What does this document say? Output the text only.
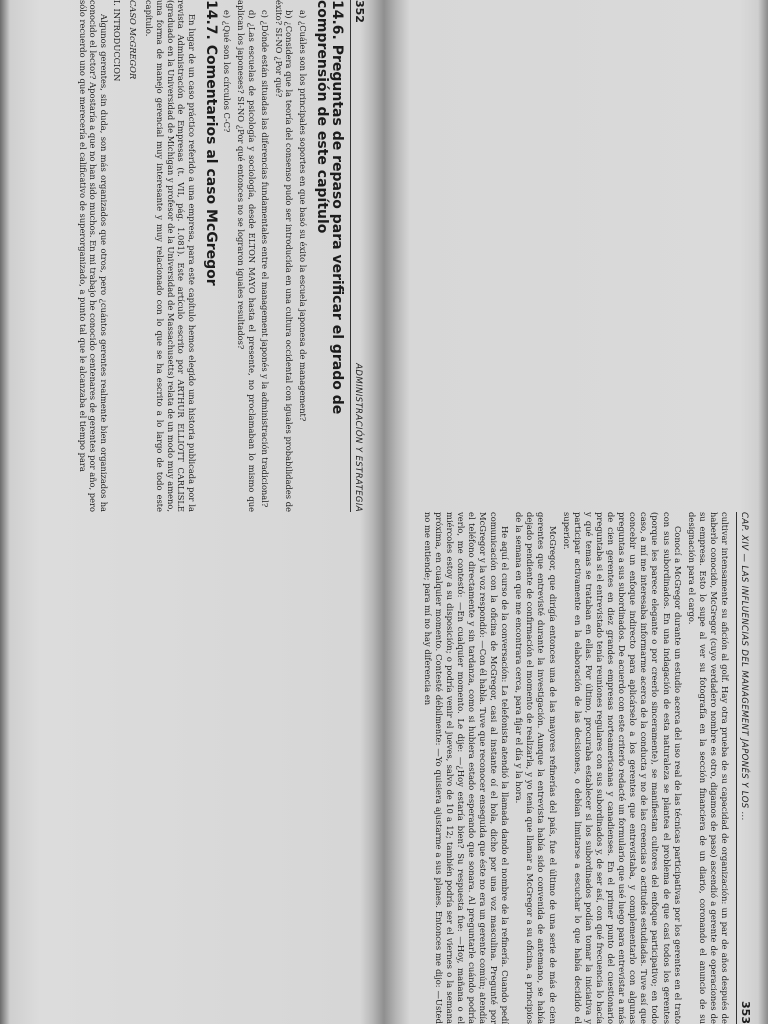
352
ADMINISTRACIÓN Y ESTRATEGIA
14.6. Preguntas de repaso para verificar el grado de comprensión de este capítulo

a) ¿Cuáles son los principales soportes en que basó su éxito la escuela japonesa de management?

b) ¿Considera que la teoría del consenso pudo ser introducida en una cultura occidental con iguales probabilidades de éxito? SI-NO ¿Por qué?

c) ¿Dónde están situadas las diferencias fundamentales entre el management japonés y la administración tradicional?

d) ¿Las escuelas de psicología y sociología, desde ELTON MAYO hasta el presente, no proclamaban lo mismo que aplican los japoneses? SI-NO ¿Por qué entonces no se lograron iguales resultados?

e) ¿Qué son los círculos C-C?

14.7. Comentarios al caso McGregor

En lugar de un caso práctico referido a una empresa, para este capítulo hemos elegido una historia publicada por la revista Administración de Empresas (t. VII, pág. 1.081). Este artículo escrito por ARTHUR ELLIOTT CARLISLE (graduado en la Universidad de Michigan y profesor de la Universidad de Massachusetts) relata de un modo muy ameno, una forma de manejo gerencial muy interesante y muy relacionado con lo que se ha escrito a lo largo de todo este capítulo.

CASO McGREGOR
I. INTRODUCCION

Algunos gerentes, sin duda, son más organizados que otros, pero ¿cuántos gerentes realmente bien organizados ha conocido el lector? Apostaría a que no han sido muchos. En mi trabajo he conocido centenares de gerentes por año, pero sólo recuerdo uno que merecería el calificativo de superorganizado, a punto tal que le alcanzaba el tiempo para

CAP. XIV — LAS INFLUENCIAS DEL MANAGEMENT JAPONÉS Y LOS ...
353

cultivar intensamente su afición al golf. Hay otra prueba de su capacidad de organización: un par de años después de haberlo conocido, McGregor (cuyo verdadero nombre es otro, digamos de paso) ascendió a gerente de operaciones de su empresa. Esto lo supe al ver su fotografía en la sección financiera de un diario, coronando el anuncio de su designación para el cargo.

Conocí a McGregor durante un estudio acerca del uso real de las técnicas participativas por los gerentes en el trato con sus subordinados. En una indagación de esta naturaleza se plantea el problema de que casi todos los gerentes (porque les parece elegante o por creerlo sinceramente), se manifiestan cultores del enfoque participativo; en todo caso, a mí me interesaba informarme acerca de la conducta y no de las creencias o actitudes estudiadas. Tuve así que concebir un enfoque indirecto para aplicárselo a los gerentes que entrevistaba, y complementarlo con algunas preguntas a sus subordinados. De acuerdo con este criterio redacté un formulario que usé luego para entrevistar a más de cien gerentes en diez grandes empresas norteamericanas y canadienses. En el primer punto del cuestionario preguntaba si el entrevistado tenía reuniones regulares con sus subordinados y, de ser así, con qué frecuencia lo hacía y qué temas se trataban en ellas. Por último, procuraba establecer si los subordinados podían tomar la iniciativa y participar activamente en la elaboración de las decisiones, o debían limitarse a escuchar lo que había decidido el superior.

McGregor, que dirigía entonces una de las mayores refinerías del país, fue el último de una serie de más de cien gerentes que entrevisté durante la investigación. Aunque la entrevista había sido convenida de antemano, se había dejado pendiente de confirmación el momento de realizarla, y yo tenía que llamar a McGregor a su oficina, a principios de la semana en que me encontrara cerca, para fijar el día y la hora.

He aquí el curso de la conversación: La telefonista atendió la llamada dando el nombre de la refinería. Cuando pedí comunicación con la oficina de McGregor, casi al instante oí el hola, dicho por una voz masculina. Pregunté por McGregor y la voz respondió: —Con él habla. Tuve que reconocer enseguida que éste no era un gerente común; atendía el teléfono directamente y sin tardanza, como si hubiera estado esperando que sonara. Al preguntarle cuándo podría verlo, me contestó: —En cualquier momento. Le dije: —¿Hoy estaría bien? Su respuesta fue: —Hoy, mañana o el miércoles estoy a su disposición; o podría venir el jueves, salvo de 10 a 12; también podría ser el viernes o la semana próxima, en cualquier momento. Contesté débilmente: —Yo quisiera ajustarme a sus planes. Entonces me dijo: —Usted no me entiende; para mí no hay diferencia en
